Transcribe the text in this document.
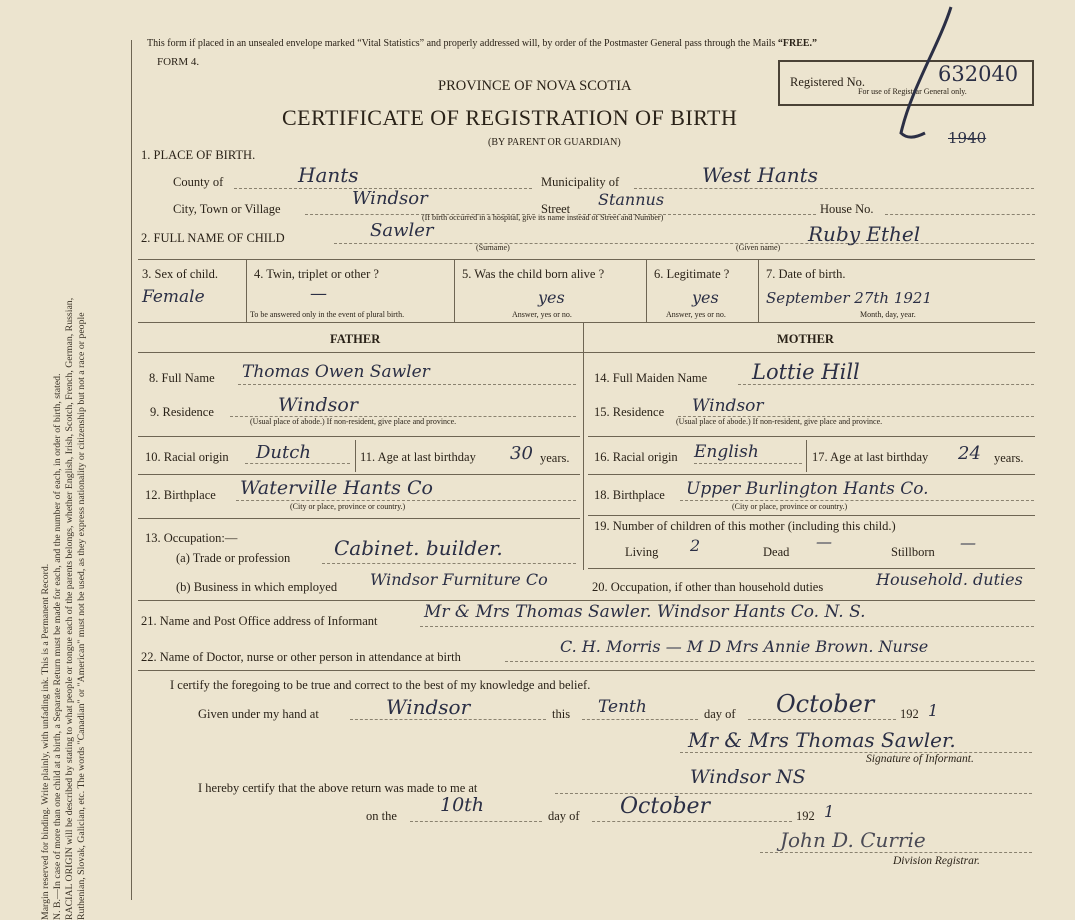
Margin reserved for binding. Write plainly, with unfading ink. This is a Permanent Record. N. B.—In case of more than one child at a birth, a Separate Return must be made for each, and the number of each, in order of birth, stated. RACIAL ORIGIN will be described by stating to what people or tongue each of the parents belongs, whether English, Irish, Scotch, French, German, Russian, Ruthenian, Slovak, Galician, etc. The words "Canadian" or "American" must not be used, as they express nationality or citizenship but not a race or people
This form if placed in an unsealed envelope marked “Vital Statistics” and properly addressed will, by order of the Postmaster General pass through the Mails “FREE.”
FORM 4.
PROVINCE OF NOVA SCOTIA
CERTIFICATE OF REGISTRATION OF BIRTH
(BY PARENT OR GUARDIAN)
Registered No.
For use of Registrar General only.
632040
1940
1. PLACE OF BIRTH.
County of	Hants	Municipality of	West Hants
City, Town or Village	Windsor	Street Stannus	House No.
(If birth occurred in a hospital, give its name instead of Street and Number)
2. FULL NAME OF CHILD	Sawler
(Surname)
Ruby Ethel
(Given name)
3. Sex of child.
Female
4. Twin, triplet or other ?
—
To be answered only in the event of plural birth.
5. Was the child born alive ?
yes
Answer, yes or no.
6. Legitimate ?
yes
Answer, yes or no.
7. Date of birth.
September 27th 1921
Month, day, year.
FATHER	MOTHER
8. Full Name Thomas Owen Sawler
9. Residence	Windsor
(Usual place of abode.) If non-resident, give place and province.
10. Racial origin Dutch	11. Age at last birthday 30 years.
12. Birthplace Waterville Hants Co
(City or place, province or country.)
13. Occupation:—
(a) Trade or profession Cabinet. builder.
(b) Business in which employed Windsor Furniture Co
14. Full Maiden Name Lottie Hill
15. Residence Windsor
(Usual place of abode.) If non-resident, give place and province.
16. Racial origin English	17. Age at last birthday 24 years.
18. Birthplace Upper Burlington Hants Co.
(City or place, province or country.)
19. Number of children of this mother (including this child.)
Living 2	Dead
—
Stillborn —
20. Occupation, if other than household duties	Household. duties
21. Name and Post Office address of Informant	Mr & Mrs Thomas Sawler. Windsor Hants Co. N. S.
22. Name of Doctor, nurse or other person in attendance at birth
C. H. Morris — M D Mrs Annie Brown. Nurse
I certify the foregoing to be true and correct to the best of my knowledge and belief.
Given under my hand at	Windsor	this Tenth	day of October 192 1
Mr & Mrs Thomas Sawler.
Signature of Informant.
I hereby certify that the above return was made to me at	Windsor NS
on the 10th	day of October	192 1
John D. Currie
Division Registrar.
